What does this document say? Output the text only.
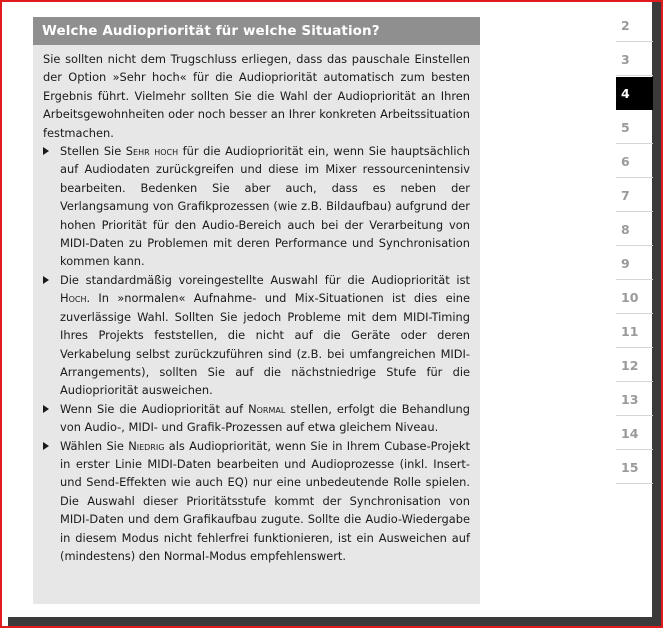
Welche Audiopriorität für welche Situation?

Sie sollten nicht dem Trugschluss erliegen, dass das pauschale Einstellen der Option »Sehr hoch« für die Audiopriorität automatisch zum besten Ergebnis führt. Vielmehr sollten Sie die Wahl der Audiopriorität an Ihren Arbeitsgewohnheiten oder noch besser an Ihrer konkreten Arbeitssituation festmachen.

Stellen Sie Sehr hoch für die Audiopriorität ein, wenn Sie hauptsächlich auf Audiodaten zurückgreifen und diese im Mixer ressourcenintensiv bearbeiten. Bedenken Sie aber auch, dass es neben der Verlangsamung von Grafikprozessen (wie z.B. Bildaufbau) aufgrund der hohen Priorität für den Audio-Bereich auch bei der Verarbeitung von MIDI-Daten zu Problemen mit deren Performance und Synchronisation kommen kann.
Die standardmäßig voreingestellte Auswahl für die Audiopriorität ist Hoch. In »normalen« Aufnahme- und Mix-Situationen ist dies eine zuverlässige Wahl. Sollten Sie jedoch Probleme mit dem MIDI-Timing Ihres Projekts feststellen, die nicht auf die Geräte oder deren Verkabelung selbst zurückzuführen sind (z.B. bei umfangreichen MIDI-Arrangements), sollten Sie auf die nächstniedrige Stufe für die Audiopriorität ausweichen.
Wenn Sie die Audiopriorität auf Normal stellen, erfolgt die Behandlung von Audio-, MIDI- und Grafik-Prozessen auf etwa gleichem Niveau.
Wählen Sie Niedrig als Audiopriorität, wenn Sie in Ihrem Cubase-Projekt in erster Linie MIDI-Daten bearbeiten und Audioprozesse (inkl. Insert- und Send-Effekten wie auch EQ) nur eine unbedeutende Rolle spielen. Die Auswahl dieser Prioritätsstufe kommt der Synchronisation von MIDI-Daten und dem Grafikaufbau zugute. Sollte die Audio-Wiedergabe in diesem Modus nicht fehlerfrei funktionieren, ist ein Ausweichen auf (mindestens) den Normal-Modus empfehlenswert.
2
3
4
5
6
7
8
9
10
11
12
13
14
15
